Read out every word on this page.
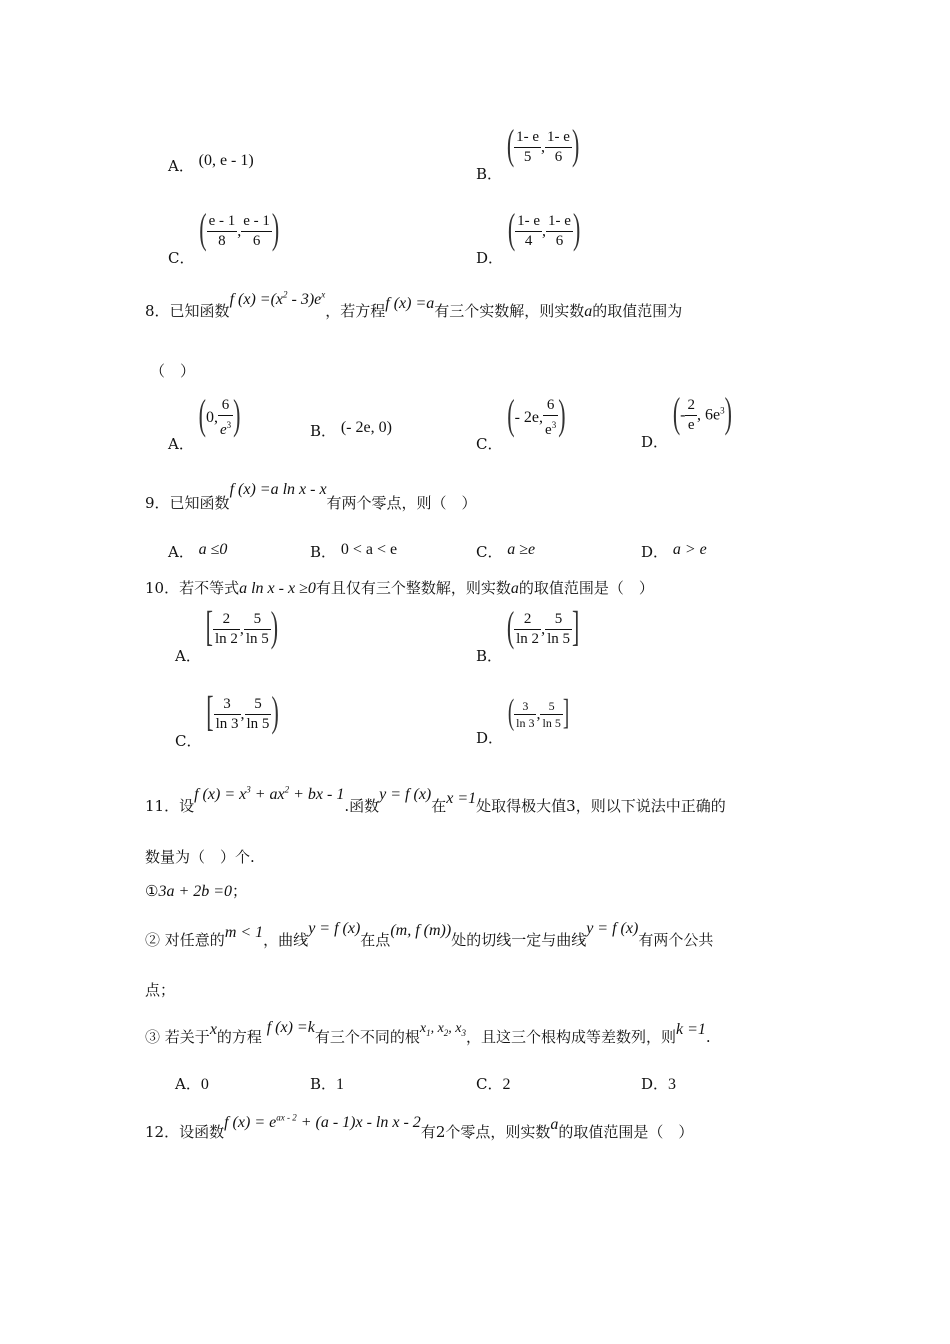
A． (0, e - 1)
B． ( $\frac{1- e}{5}$ , $\frac{1- e}{6}$ )
C． ( $\frac{e - 1}{8}$ , $\frac{e - 1}{6}$ )
D． ( $\frac{1- e}{4}$ , $\frac{1- e}{6}$ )
8．已知函数f $(x) =(x^2 - 3)e^x$，若方程f (x) =a有三个实数解，则实数a的取值范围为
（　）
A． (0, $\frac{6}{e^3}$ )	B． (- 2e, 0)
C． (- 2e, $\frac{6}{e^3}$ )
D． (- $\frac{2}{e}$ , $6e^3$)
9．已知函数f (x) =a ln x - x有两个零点，则（　）
A． a ≤0	B． 0 < a < e	C． a ≥e	D． a > e
10．若不等式a ln x - x ≥0有且仅有三个整数解，则实数a的取值范围是（　）
A． [ $\frac{2}{\ln 2}$ , $\frac{5}{\ln 5}$ )
B． ( $\frac{2}{\ln 2}$ , $\frac{5}{\ln 5}$ ]
C． [ $\frac{3}{\ln 3}$ , $\frac{5}{\ln 5}$ )
D． ( $\frac{3}{\ln 3}$ , $\frac{5}{\ln 5}$ ]
11．设f $(x) = x^3 + ax^2$ + bx - 1.函数y = f (x)在x =1处取得极大值3，则以下说法中正确的
数量为（　）个.
①3a + 2b =0；
② 对任意的m < 1，曲线y = f (x)在点(m, f (m))处的切线一定与曲线y = f (x)有两个公共
点；
③ 若关于x的方程 f (x) =k有三个不同的根$x_1$, $x_2$, $x_3$，且这三个根构成等差数列，则k =1.
A．0	B．1	C．2	D．3
12．设函数f $(x) = e^{ax - 2} + (a - 1)x - \ln x - 2$有2个零点，则实数a的取值范围是（　）
